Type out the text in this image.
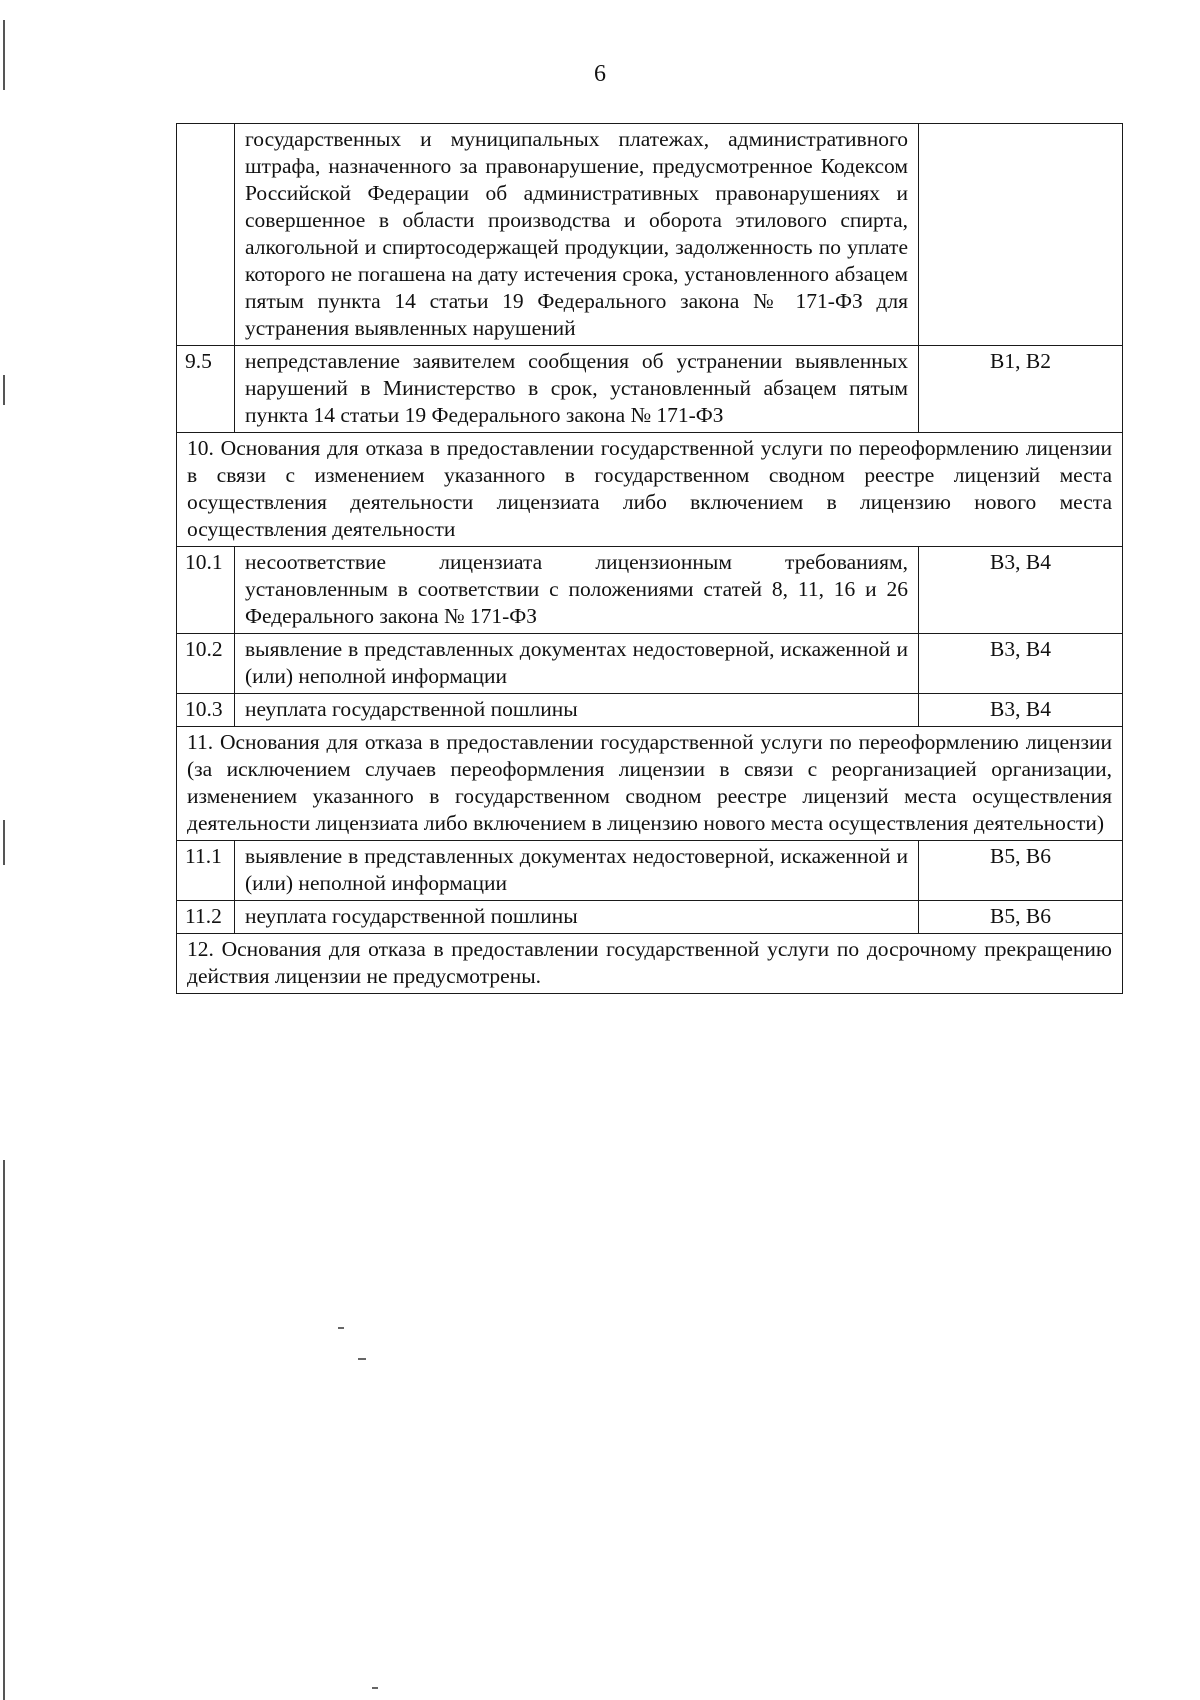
6
	государственных и муниципальных платежах, административного штрафа, назначенного за правонарушение, предусмотренное Кодексом Российской Федерации об административных правонарушениях и совершенное в области производства и оборота этилового спирта, алкогольной и спиртосодержащей продукции, задолженность по уплате которого не погашена на дату истечения срока, установленного абзацем пятым пункта 14 статьи 19 Федерального закона № 171-ФЗ для устранения выявленных нарушений	
9.5	непредставление заявителем сообщения об устранении выявленных нарушений в Министерство в срок, установленный абзацем пятым пункта 14 статьи 19 Федерального закона № 171-ФЗ	В1, В2
10. Основания для отказа в предоставлении государственной услуги по переоформлению лицензии в связи с изменением указанного в государственном сводном реестре лицензий места осуществления деятельности лицензиата либо включением в лицензию нового места осуществления деятельности		
10.1	несоответствие лицензиата лицензионным требованиям, установленным в соответствии с положениями статей 8, 11, 16 и 26 Федерального закона № 171-ФЗ	В3, В4
10.2	выявление в представленных документах недостоверной, искаженной и (или) неполной информации	В3, В4
10.3	неуплата государственной пошлины	В3, В4
11. Основания для отказа в предоставлении государственной услуги по переоформлению лицензии (за исключением случаев переоформления лицензии в связи с реорганизацией организации, изменением указанного в государственном сводном реестре лицензий места осуществления деятельности лицензиата либо включением в лицензию нового места осуществления деятельности)		
11.1	выявление в представленных документах недостоверной, искаженной и (или) неполной информации	В5, В6
11.2	неуплата государственной пошлины	В5, В6
12. Основания для отказа в предоставлении государственной услуги по досрочному прекращению действия лицензии не предусмотрены.		
